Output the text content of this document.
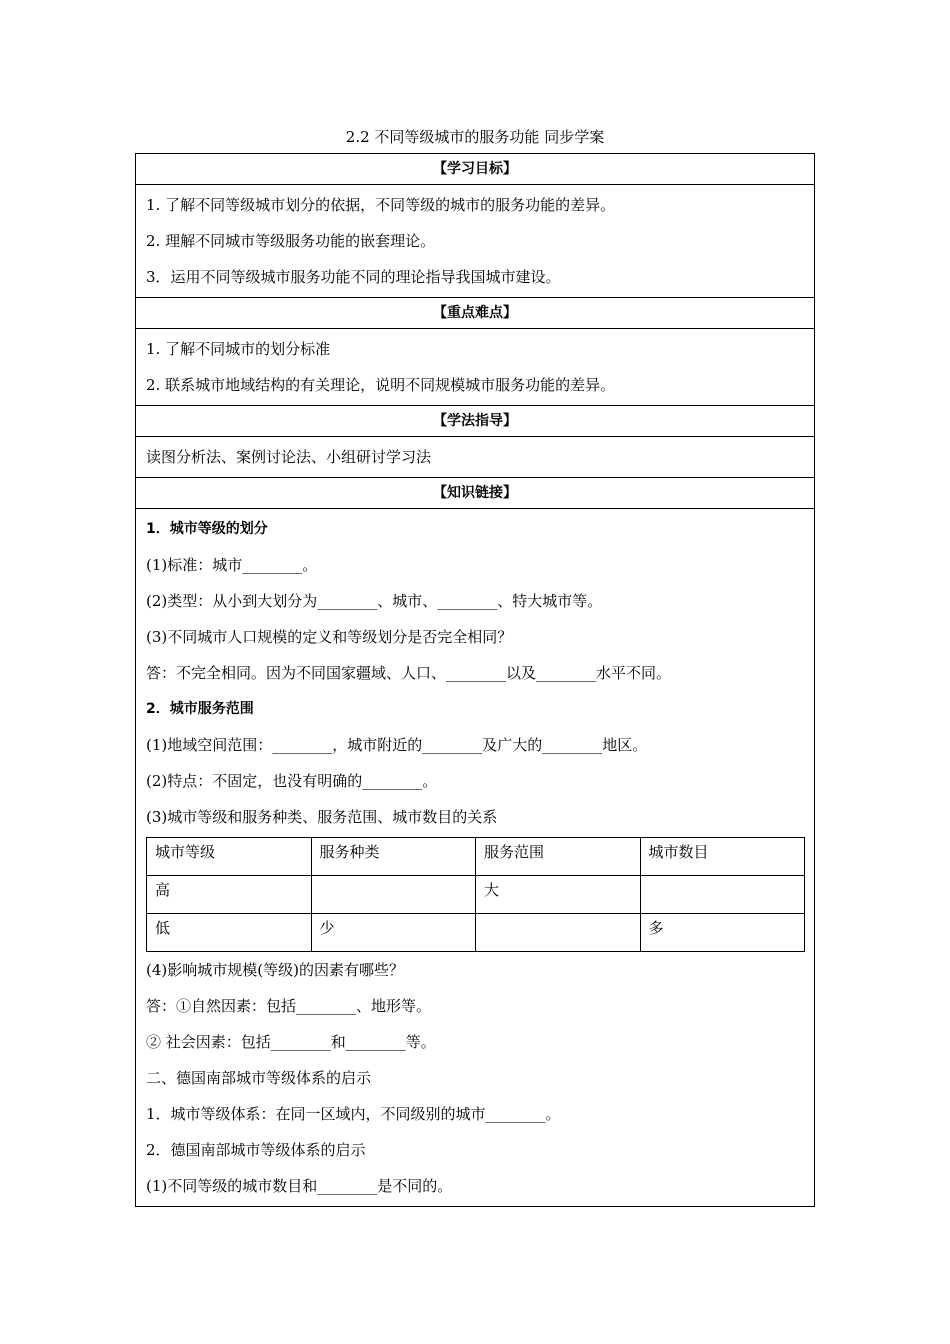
2.2 不同等级城市的服务功能 同步学案
【学习目标】

1. 了解不同等级城市划分的依据，不同等级的城市的服务功能的差异。
2. 理解不同城市等级服务功能的嵌套理论。
3．运用不同等级城市服务功能不同的理论指导我国城市建设。

【重点难点】

1. 了解不同城市的划分标准
2. 联系城市地域结构的有关理论，说明不同规模城市服务功能的差异。

【学法指导】

读图分析法、案例讨论法、小组研讨学习法

【知识链接】

1．城市等级的划分
(1)标准：城市________。
(2)类型：从小到大划分为________、城市、________、特大城市等。
(3)不同城市人口规模的定义和等级划分是否完全相同？
答：不完全相同。因为不同国家疆域、人口、________以及________水平不同。
2．城市服务范围
(1)地域空间范围：________，城市附近的________及广大的________地区。
(2)特点：不固定，也没有明确的________。
(3)城市等级和服务种类、服务范围、城市数目的关系
城市等级	服务种类	服务范围	城市数目
高		大	
低	少		多
(4)影响城市规模(等级)的因素有哪些？
答：①自然因素：包括________、地形等。
② 社会因素：包括________和________等。
二、德国南部城市等级体系的启示
1．城市等级体系：在同一区域内，不同级别的城市________。
2．德国南部城市等级体系的启示
(1)不同等级的城市数目和________是不同的。
